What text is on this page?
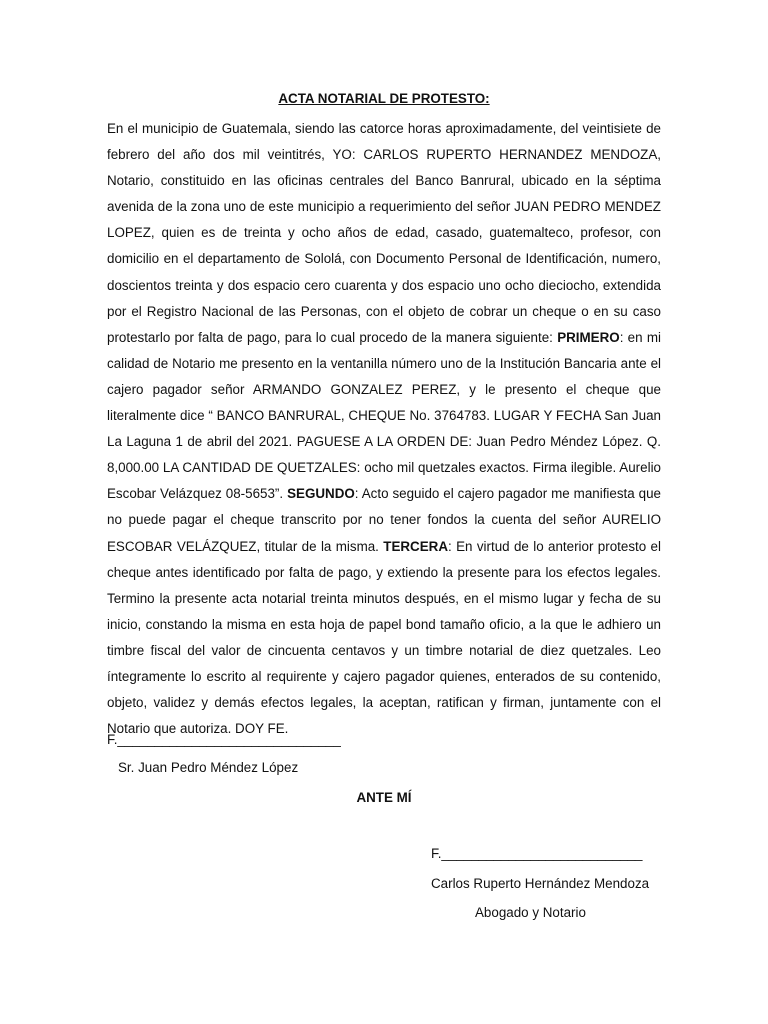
ACTA NOTARIAL DE PROTESTO:

En el municipio de Guatemala, siendo las catorce horas aproximadamente, del veintisiete de febrero del año dos mil veintitrés, YO: CARLOS RUPERTO HERNANDEZ MENDOZA, Notario, constituido en las oficinas centrales del Banco Banrural, ubicado en la séptima avenida de la zona uno de este municipio a requerimiento del señor JUAN PEDRO MENDEZ LOPEZ, quien es de treinta y ocho años de edad, casado, guatemalteco, profesor, con domicilio en el departamento de Sololá, con Documento Personal de Identificación, numero, doscientos treinta y dos espacio cero cuarenta y dos espacio uno ocho dieciocho, extendida por el Registro Nacional de las Personas, con el objeto de cobrar un cheque o en su caso protestarlo por falta de pago, para lo cual procedo de la manera siguiente: PRIMERO: en mi calidad de Notario me presento en la ventanilla número uno de la Institución Bancaria ante el cajero pagador señor ARMANDO GONZALEZ PEREZ, y le presento el cheque que literalmente dice “ BANCO BANRURAL, CHEQUE No. 3764783. LUGAR Y FECHA San Juan La Laguna 1 de abril del 2021. PAGUESE A LA ORDEN DE: Juan Pedro Méndez López. Q. 8,000.00 LA CANTIDAD DE QUETZALES: ocho mil quetzales exactos. Firma ilegible. Aurelio Escobar Velázquez 08-5653”. SEGUNDO: Acto seguido el cajero pagador me manifiesta que no puede pagar el cheque transcrito por no tener fondos la cuenta del señor AURELIO ESCOBAR VELÁZQUEZ, titular de la misma. TERCERA: En virtud de lo anterior protesto el cheque antes identificado por falta de pago, y extiendo la presente para los efectos legales. Termino la presente acta notarial treinta minutos después, en el mismo lugar y fecha de su inicio, constando la misma en esta hoja de papel bond tamaño oficio, a la que le adhiero un timbre fiscal del valor de cincuenta centavos y un timbre notarial de diez quetzales. Leo íntegramente lo escrito al requirente y cajero pagador quienes, enterados de su contenido, objeto, validez y demás efectos legales, la aceptan, ratifican y firman, juntamente con el Notario que autoriza. DOY FE.

F.______________________________
Sr. Juan Pedro Méndez López
ANTE MÍ
F.___________________________
Carlos Ruperto Hernández Mendoza
Abogado y Notario
